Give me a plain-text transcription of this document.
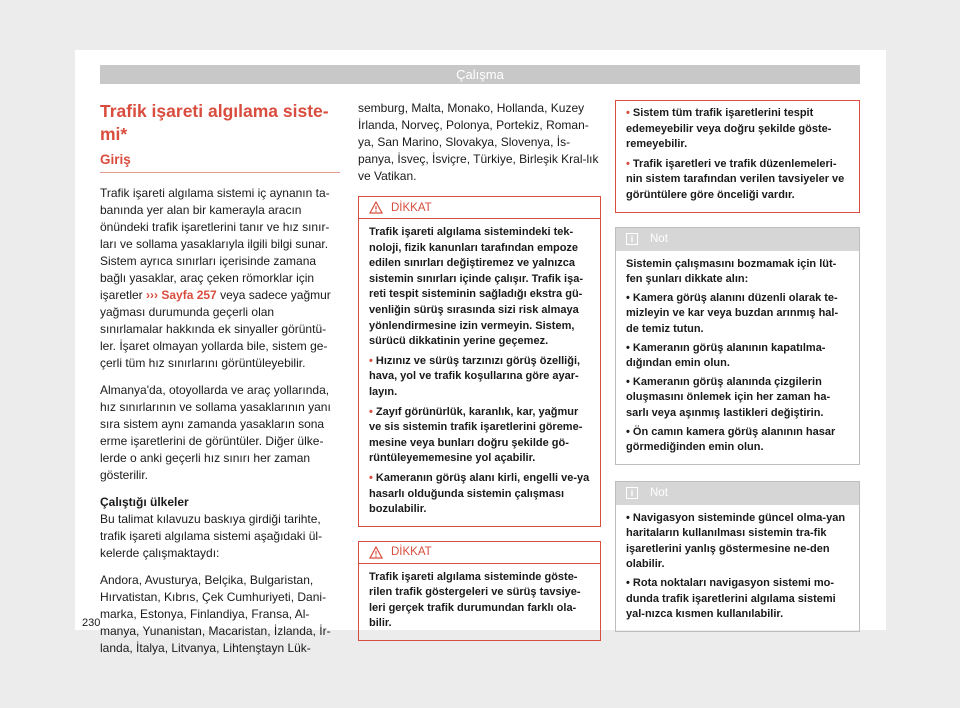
Çalışma
Trafik işareti algılama siste-
mi*
Giriş

Trafik işareti algılama sistemi iç aynanın ta-banında yer alan bir kamerayla aracın önündeki trafik işaretlerini tanır ve hız sınır-ları ve sollama yasaklarıyla ilgili bilgi sunar. Sistem ayrıca sınırları içerisinde zamana bağlı yasaklar, araç çeken römorklar için işaretler ››› Sayfa 257 veya sadece yağmur yağması durumunda geçerli olan sınırlamalar hakkında ek sinyaller görüntü-ler. İşaret olmayan yollarda bile, sistem ge-çerli tüm hız sınırlarını görüntüleyebilir.

Almanya'da, otoyollarda ve araç yollarında, hız sınırlarının ve sollama yasaklarının yanı sıra sistem aynı zamanda yasakların sona erme işaretlerini de görüntüler. Diğer ülke-lerde o anki geçerli hız sınırı her zaman gösterilir.

Çalıştığı ülkeler

Bu talimat kılavuzu baskıya girdiği tarihte, trafik işareti algılama sistemi aşağıdaki ül-kelerde çalışmaktaydı:

Andora, Avusturya, Belçika, Bulgaristan, Hırvatistan, Kıbrıs, Çek Cumhuriyeti, Dani-marka, Estonya, Finlandiya, Fransa, Al-manya, Yunanistan, Macaristan, İzlanda, İr-landa, İtalya, Litvanya, Lihtenştayn Lük-

semburg, Malta, Monako, Hollanda, Kuzey İrlanda, Norveç, Polonya, Portekiz, Roman-ya, San Marino, Slovakya, Slovenya, İs-panya, İsveç, İsviçre, Türkiye, Birleşik Kral-lık ve Vatikan.

DİKKAT

Trafik işareti algılama sistemindeki tek-noloji, fizik kanunları tarafından empoze edilen sınırları değiştiremez ve yalnızca sistemin sınırları içinde çalışır. Trafik işa-reti tespit sisteminin sağladığı ekstra gü-venliğin sürüş sırasında sizi risk almaya yönlendirmesine izin vermeyin. Sistem, sürücü dikkatinin yerine geçemez.

• Hızınız ve sürüş tarzınızı görüş özelliği, hava, yol ve trafik koşullarına göre ayar-layın.

• Zayıf görünürlük, karanlık, kar, yağmur ve sis sistemin trafik işaretlerini göreme-mesine veya bunları doğru şekilde gö-rüntüleyememesine yol açabilir.

• Kameranın görüş alanı kirli, engelli ve-ya hasarlı olduğunda sistemin çalışması bozulabilir.

DİKKAT

Trafik işareti algılama sisteminde göste-rilen trafik göstergeleri ve sürüş tavsiye-leri gerçek trafik durumundan farklı ola-bilir.

• Sistem tüm trafik işaretlerini tespit edemeyebilir veya doğru şekilde göste-remeyebilir.

• Trafik işaretleri ve trafik düzenlemeleri-nin sistem tarafından verilen tavsiyeler ve görüntülere göre önceliği vardır.

i	Not

Sistemin çalışmasını bozmamak için lüt-fen şunları dikkate alın:

• Kamera görüş alanını düzenli olarak te-mizleyin ve kar veya buzdan arınmış hal-de temiz tutun.

• Kameranın görüş alanının kapatılma-dığından emin olun.

• Kameranın görüş alanında çizgilerin oluşmasını önlemek için her zaman ha-sarlı veya aşınmış lastikleri değiştirin.

• Ön camın kamera görüş alanının hasar görmediğinden emin olun.

i	Not

• Navigasyon sisteminde güncel olma-yan haritaların kullanılması sistemin tra-fik işaretlerini yanlış göstermesine ne-den olabilir.

• Rota noktaları navigasyon sistemi mo-dunda trafik işaretlerini algılama sistemi yal-nızca kısmen kullanılabilir.

230
